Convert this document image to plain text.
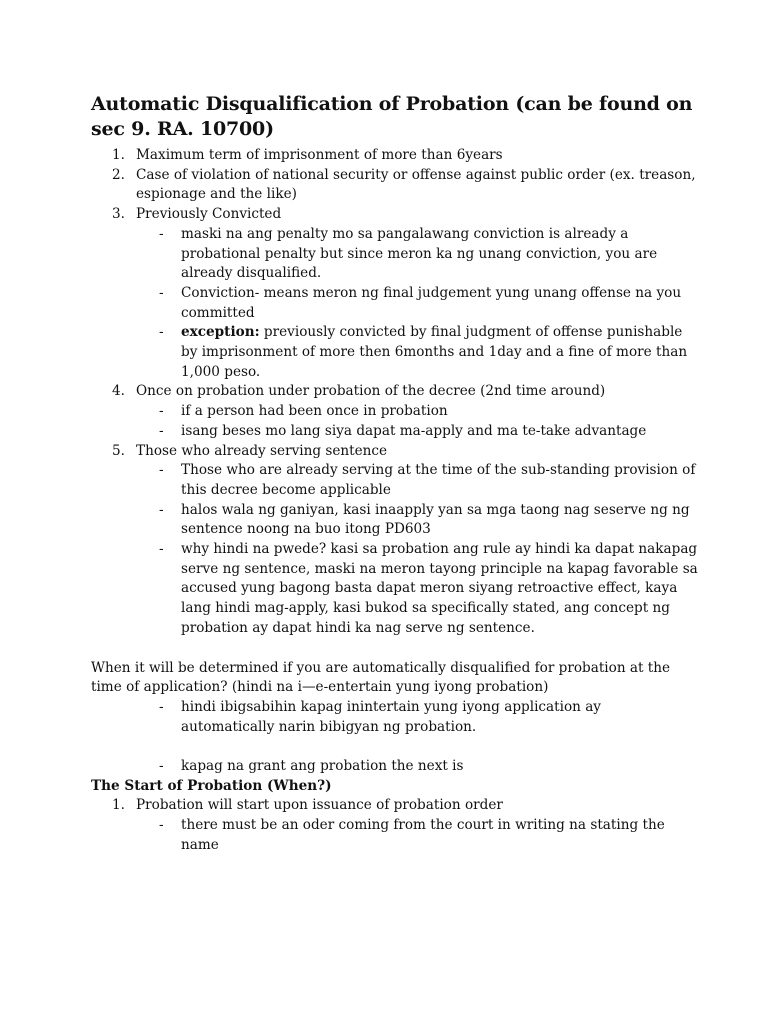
Automatic Disqualification of Probation (can be found on sec 9. RA. 10700)
1. Maximum term of imprisonment of more than 6years
2. Case of violation of national security or offense against public order (ex. treason, espionage and the like)
3. Previously Convicted
- maski na ang penalty mo sa pangalawang conviction is already a probational penalty but since meron ka ng unang conviction, you are already disqualified.
- Conviction- means meron ng final judgement yung unang offense na you committed
- exception: previously convicted by final judgment of offense punishable by imprisonment of more then 6months and 1day and a fine of more than 1,000 peso.
4. Once on probation under probation of the decree (2nd time around)
- if a person had been once in probation
- isang beses mo lang siya dapat ma-apply and ma te-take advantage
5. Those who already serving sentence
- Those who are already serving at the time of the sub-standing provision of this decree become applicable
- halos wala ng ganiyan, kasi inaapply yan sa mga taong nag seserve ng ng sentence noong na buo itong PD603
- why hindi na pwede? kasi sa probation ang rule ay hindi ka dapat nakapag serve ng sentence, maski na meron tayong principle na kapag favorable sa accused yung bagong basta dapat meron siyang retroactive effect, kaya lang hindi mag-apply, kasi bukod sa specifically stated, ang concept ng probation ay dapat hindi ka nag serve ng sentence.
When it will be determined if you are automatically disqualified for probation at the time of application? (hindi na i—e-entertain yung iyong probation)
- hindi ibigsabihin kapag inintertain yung iyong application ay automatically narin bibigyan ng probation.
- kapag na grant ang probation the next is
The Start of Probation (When?)
1. Probation will start upon issuance of probation order
- there must be an oder coming from the court in writing na stating the name
